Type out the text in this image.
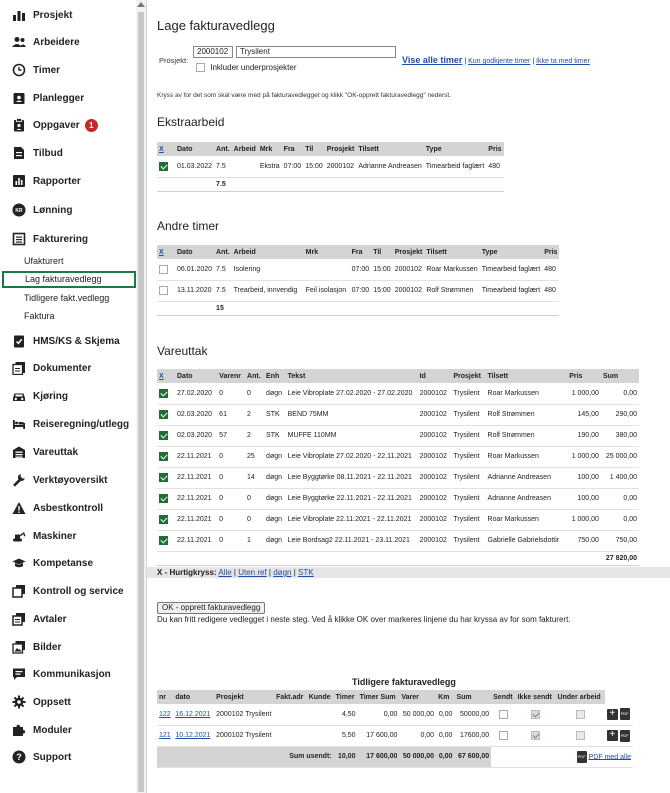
Prosjekt
Arbeidere
Timer
Planlegger
Oppgaver	1
Tilbud
Rapporter
KR Lønning
Fakturering
Ufakturert
Lag fakturavedlegg
Tidligere fakt.vedlegg
Faktura
HMS/KS & Skjema
Dokumenter
Kjøring
Reiseregning/utlegg
Vareuttak
Verktøyoversikt
Asbestkontroll
Maskiner
Kompetanse
Kontroll og service
Avtaler
Bilder
Kommunikasjon
Oppsett
Moduler
? Support
Lage fakturavedlegg
Prosjekt:
2000102	Trysilent
Inkluder underprosjekter
Vise alle timer | Kun godkjente timer | Ikke ta med timer
Kryss av for det som skal være med på fakturavedlegget og klikk "OK-opprett fakturavedlegg" nederst.
Ekstraarbeid
X	Dato	Ant.	Arbeid	Mrk	Fra	Til	Prosjekt	Tilsett	Type	Pris
	01.03.2022	7.5		Ekstra	07:00	15:00	2000102	Adrianne Andreasen	Timearbeid faglært	480
		7.5								
Andre timer
X	Dato	Ant.	Arbeid	Mrk	Fra	Til	Prosjekt	Tilsett	Type	Pris
	06.01.2020	7.5	Isolering		07:00	15:00	2000102	Roar Markussen	Timearbeid faglært	480
	13.11.2020	7.5	Trearbeid, innvendig	Feil isolasjon	07:00	15:00	2000102	Rolf Strømmen	Timearbeid faglært	480
		15								
Vareuttak
X	Dato	Varenr	Ant.	Enh	Tekst	Id	Prosjekt	Tilsett	Pris	Sum
	27.02.2020	0	0	døgn	Leie Vibroplate 27.02.2020 - 27.02.2020	2000102	Trysilent	Roar Markussen	1 000,00	0,00
	02.03.2020	61	2	STK	BEND 75MM	2000102	Trysilent	Rolf Strømmen	145,00	290,00
	02.03.2020	57	2	STK	MUFFE 110MM	2000102	Trysilent	Rolf Strømmen	190,00	380,00
	22.11.2021	0	25	døgn	Leie Vibroplate 27.02.2020 - 22.11.2021	2000102	Trysilent	Roar Markussen	1 000,00	25 000,00
	22.11.2021	0	14	døgn	Leie Byggtørke 08.11.2021 - 22.11.2021	2000102	Trysilent	Adrianne Andreasen	100,00	1 400,00
	22.11.2021	0	0	døgn	Leie Byggtørke 22.11.2021 - 22.11.2021	2000102	Trysilent	Adrianne Andreasen	100,00	0,00
	22.11.2021	0	0	døgn	Leie Vibroplate 22.11.2021 - 22.11.2021	2000102	Trysilent	Roar Markussen	1 000,00	0,00
	22.11.2021	0	1	døgn	Leie Bordsag2 22.11.2021 - 23.11.2021	2000102	Trysilent	Gabrielle Gabrielsdottir	750,00	750,00
										27 820,00
X - Hurtigkryss: Alle | Uten ref | døgn | STK
OK - opprett fakturavedlegg
Du kan fritt redigere vedlegget i neste steg. Ved å klikke OK over markeres linjene du har kryssa av for som fakturert.
Tidligere fakturavedlegg
nr	dato	Prosjekt	Fakt.adr	Kunde	Timer	Timer Sum	Varer	Km	Sum	Sendt	Ikke sendt	Under arbeid	
122	16.12.2021	2000102 Trysilent			4,50	0,00	50 000,00	0,00	50000,00				+ PDF
121	10.12.2021	2000102 Trysilent			5,50	17 600,00	0,00	0,00	17600,00				+ PDF
Sum usendt:					10,00	17 600,00	50 000,00	0,00	67 600,00	PDF PDF med alle			
